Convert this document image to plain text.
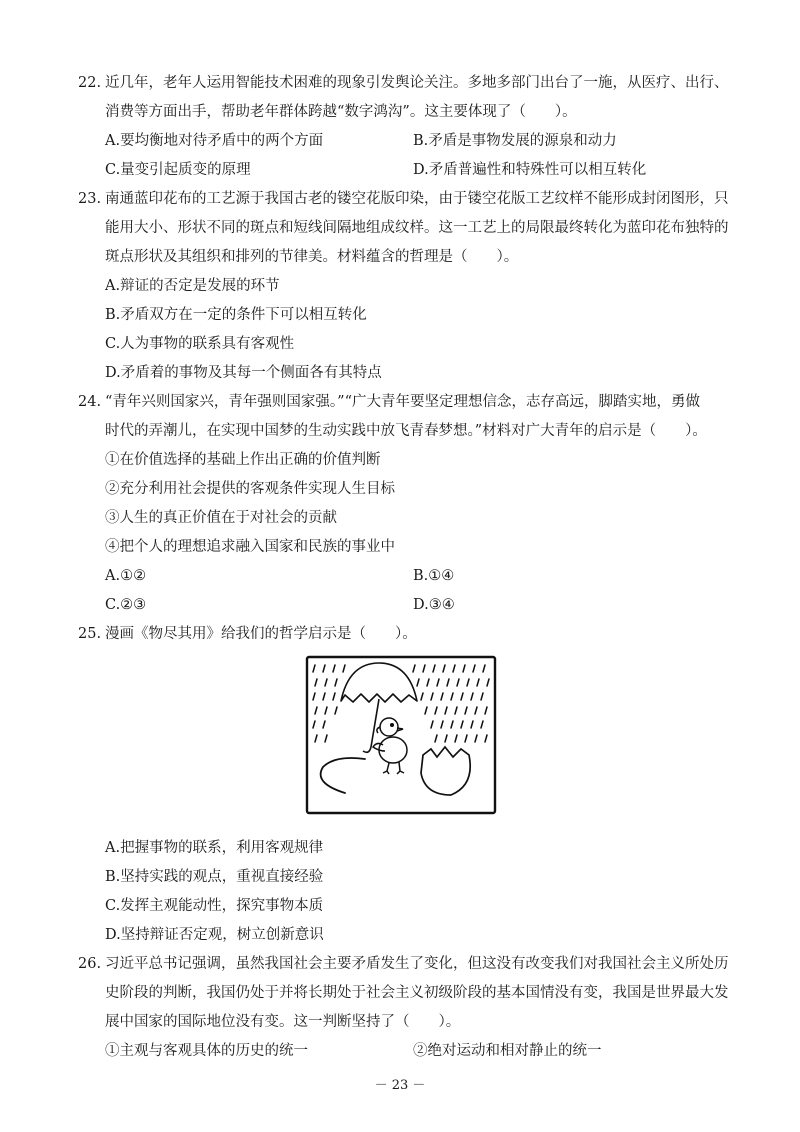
22. 近几年，老年人运用智能技术困难的现象引发舆论关注。多地多部门出台了一施，从医疗、出行、
消费等方面出手，帮助老年群体跨越“数字鸿沟”。这主要体现了（　　）。
A.要均衡地对待矛盾中的两个方面	B.矛盾是事物发展的源泉和动力
C.量变引起质变的原理	D.矛盾普遍性和特殊性可以相互转化
23. 南通蓝印花布的工艺源于我国古老的镂空花版印染，由于镂空花版工艺纹样不能形成封闭图形，只
能用大小、形状不同的斑点和短线间隔地组成纹样。这一工艺上的局限最终转化为蓝印花布独特的
斑点形状及其组织和排列的节律美。材料蕴含的哲理是（　　）。
A.辩证的否定是发展的环节
B.矛盾双方在一定的条件下可以相互转化
C.人为事物的联系具有客观性
D.矛盾着的事物及其每一个侧面各有其特点
24. “青年兴则国家兴，青年强则国家强。”“广大青年要坚定理想信念，志存高远，脚踏实地，勇做
时代的弄潮儿，在实现中国梦的生动实践中放飞青春梦想。”材料对广大青年的启示是（　　）。
①在价值选择的基础上作出正确的价值判断
②充分利用社会提供的客观条件实现人生目标
③人生的真正价值在于对社会的贡献
④把个人的理想追求融入国家和民族的事业中
A.①②	B.①④
C.②③	D.③④
25. 漫画《物尽其用》给我们的哲学启示是（　　）。
A.把握事物的联系，利用客观规律
B.坚持实践的观点，重视直接经验
C.发挥主观能动性，探究事物本质
D.坚持辩证否定观，树立创新意识
26. 习近平总书记强调，虽然我国社会主要矛盾发生了变化，但这没有改变我们对我国社会主义所处历
史阶段的判断，我国仍处于并将长期处于社会主义初级阶段的基本国情没有变，我国是世界最大发
展中国家的国际地位没有变。这一判断坚持了（　　）。
①主观与客观具体的历史的统一	②绝对运动和相对静止的统一
－ 23 －
